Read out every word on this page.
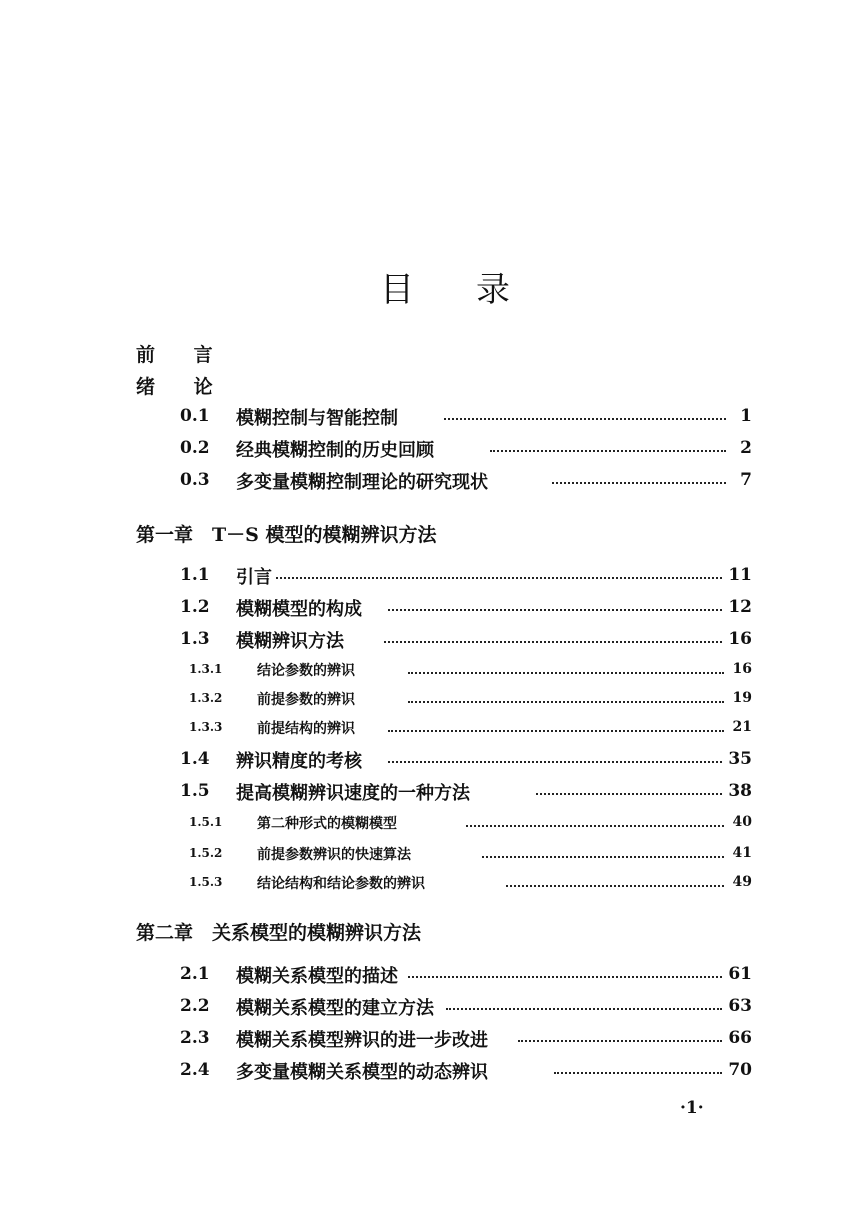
目 录
前 言
绪 论
0.1 模糊控制与智能控制	1
0.2 经典模糊控制的历史回顾	2
0.3 多变量模糊控制理论的研究现状	7
第一章　T－S 模型的模糊辨识方法
1.1 引言	11
1.2 模糊模型的构成	12
1.3 模糊辨识方法	16
1.3.1 结论参数的辨识	16
1.3.2 前提参数的辨识	19
1.3.3 前提结构的辨识	21
1.4 辨识精度的考核	35
1.5 提高模糊辨识速度的一种方法	38
1.5.1 第二种形式的模糊模型	40
1.5.2 前提参数辨识的快速算法	41
1.5.3 结论结构和结论参数的辨识	49
第二章　关系模型的模糊辨识方法
2.1 模糊关系模型的描述	61
2.2 模糊关系模型的建立方法	63
2.3 模糊关系模型辨识的进一步改进	66
2.4 多变量模糊关系模型的动态辨识	70
·1·
